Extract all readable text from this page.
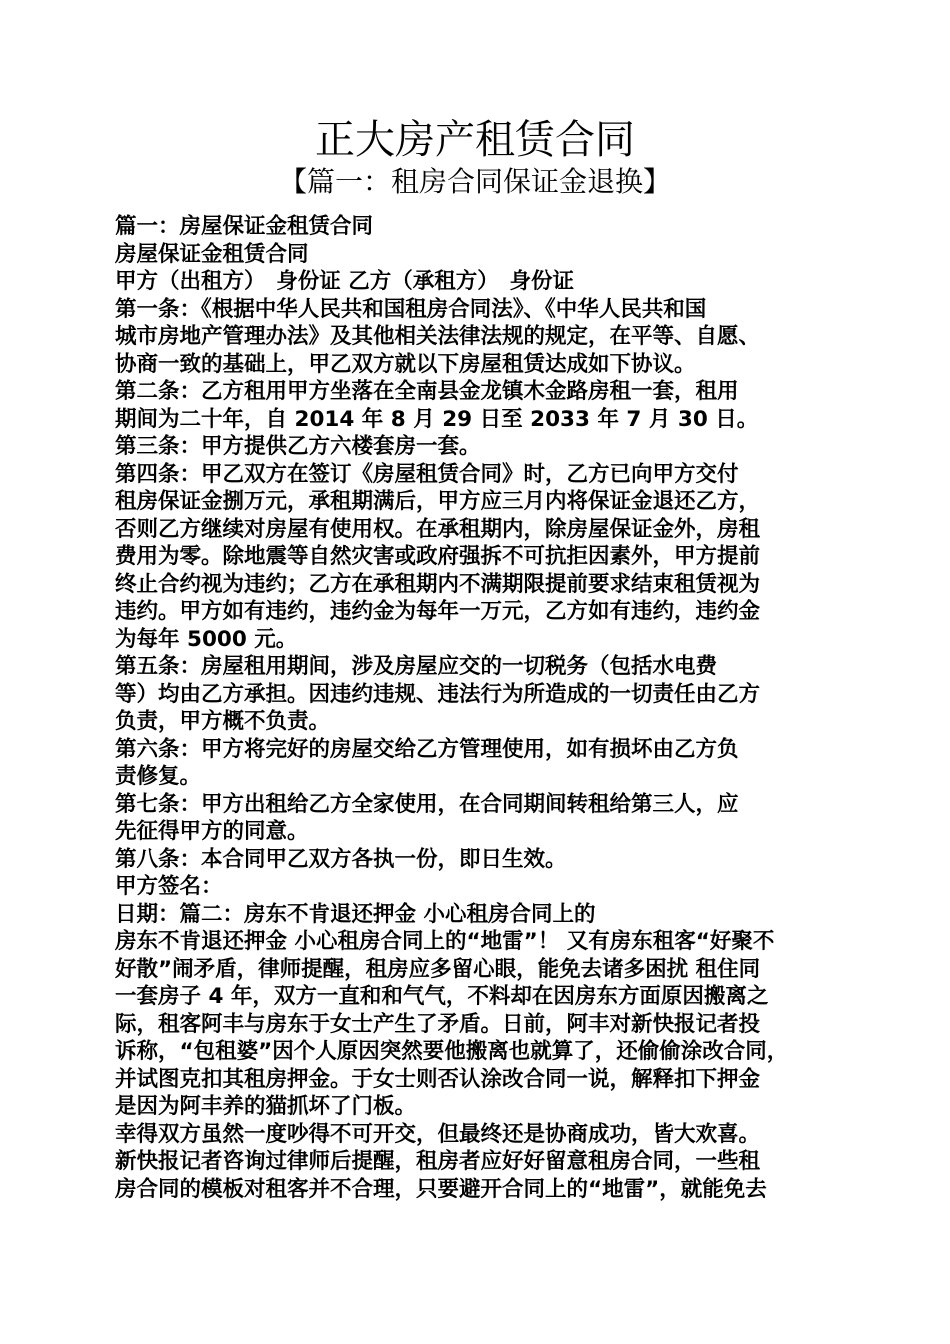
正大房产租赁合同
【篇一：租房合同保证金退换】
篇一：房屋保证金租赁合同
房屋保证金租赁合同
甲方（出租方）　身份证 乙方（承租方）　身份证
第一条：《根据中华人民共和国租房合同法》、《中华人民共和国
城市房地产管理办法》及其他相关法律法规的规定，在平等、自愿、
协商一致的基础上，甲乙双方就以下房屋租赁达成如下协议。
第二条：乙方租用甲方坐落在全南县金龙镇木金路房租一套，租用
期间为二十年，自 2014 年 8 月 29 日至 2033 年 7 月 30 日。
第三条：甲方提供乙方六楼套房一套。
第四条：甲乙双方在签订《房屋租赁合同》时，乙方已向甲方交付
租房保证金捌万元，承租期满后，甲方应三月内将保证金退还乙方，
否则乙方继续对房屋有使用权。在承租期内，除房屋保证金外，房租
费用为零。除地震等自然灾害或政府强拆不可抗拒因素外，甲方提前
终止合约视为违约；乙方在承租期内不满期限提前要求结束租赁视为
违约。甲方如有违约，违约金为每年一万元，乙方如有违约，违约金
为每年 5000 元。
第五条：房屋租用期间，涉及房屋应交的一切税务（包括水电费
等）均由乙方承担。因违约违规、违法行为所造成的一切责任由乙方
负责，甲方概不负责。
第六条：甲方将完好的房屋交给乙方管理使用，如有损坏由乙方负
责修复。
第七条：甲方出租给乙方全家使用，在合同期间转租给第三人，应
先征得甲方的同意。
第八条：本合同甲乙双方各执一份，即日生效。
甲方签名：
日期：篇二：房东不肯退还押金 小心租房合同上的
房东不肯退还押金 小心租房合同上的“地雷”！ 又有房东租客“好聚不
好散”闹矛盾，律师提醒，租房应多留心眼，能免去诸多困扰 租住同
一套房子 4 年，双方一直和和气气，不料却在因房东方面原因搬离之
际，租客阿丰与房东于女士产生了矛盾。日前，阿丰对新快报记者投
诉称，“包租婆”因个人原因突然要他搬离也就算了，还偷偷涂改合同，
并试图克扣其租房押金。于女士则否认涂改合同一说，解释扣下押金
是因为阿丰养的猫抓坏了门板。
幸得双方虽然一度吵得不可开交，但最终还是协商成功，皆大欢喜。
新快报记者咨询过律师后提醒，租房者应好好留意租房合同，一些租
房合同的模板对租客并不合理，只要避开合同上的“地雷”，就能免去
